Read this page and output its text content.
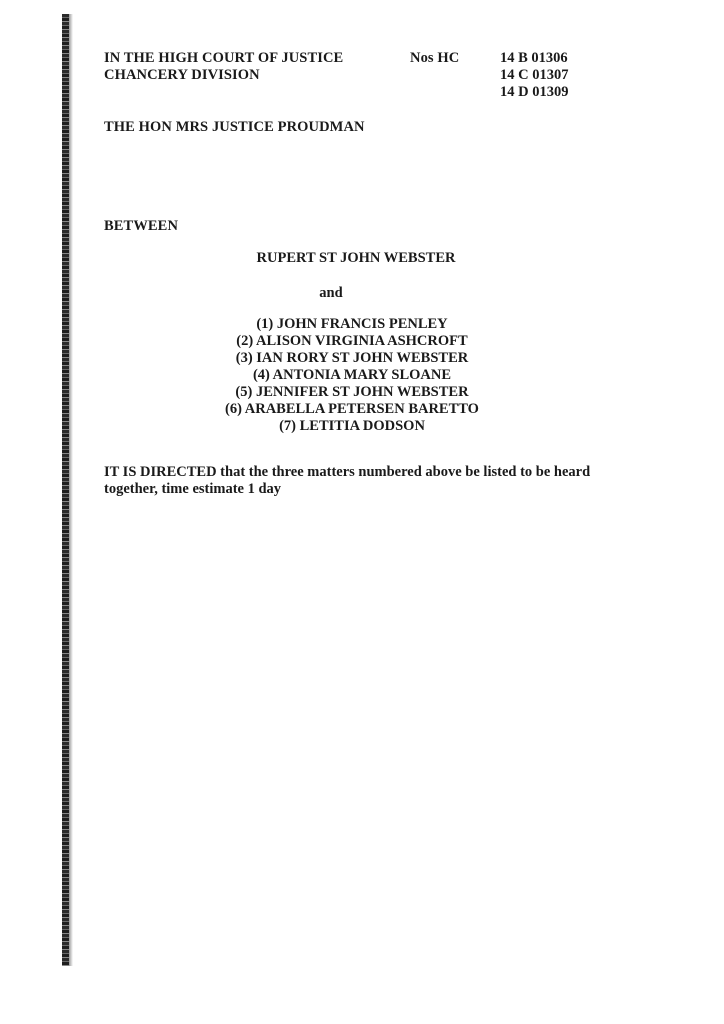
IN THE HIGH COURT OF JUSTICE
CHANCERY DIVISION
Nos HC	14 B 01306
14 C 01307
14 D 01309
THE HON MRS JUSTICE PROUDMAN
BETWEEN
RUPERT ST JOHN WEBSTER
and
(1) JOHN FRANCIS PENLEY
(2) ALISON VIRGINIA ASHCROFT
(3) IAN RORY ST JOHN WEBSTER
(4) ANTONIA MARY SLOANE
(5) JENNIFER ST JOHN WEBSTER
(6) ARABELLA PETERSEN BARETTO
(7) LETITIA DODSON
IT IS DIRECTED that the three matters numbered above be listed to be heard
together, time estimate 1 day
